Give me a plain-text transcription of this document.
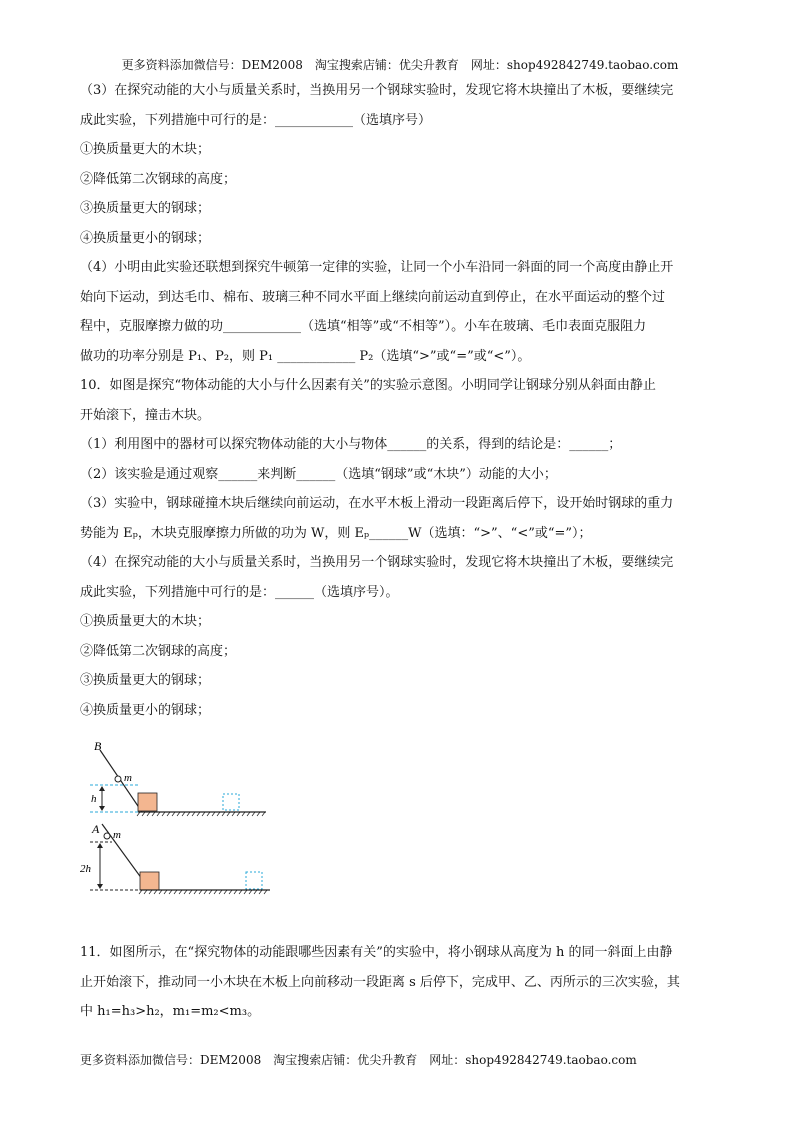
更多资料添加微信号：DEM2008　淘宝搜索店铺：优尖升教育　网址：shop492842749.taobao.com
（3）在探究动能的大小与质量关系时，当换用另一个钢球实验时，发现它将木块撞出了木板，要继续完
成此实验，下列措施中可行的是：____________（选填序号）
①换质量更大的木块；
②降低第二次钢球的高度；
③换质量更大的钢球；
④换质量更小的钢球；
（4）小明由此实验还联想到探究牛顿第一定律的实验，让同一个小车沿同一斜面的同一个高度由静止开
始向下运动，到达毛巾、棉布、玻璃三种不同水平面上继续向前运动直到停止，在水平面运动的整个过
程中，克服摩擦力做的功____________（选填“相等”或“不相等”）。小车在玻璃、毛巾表面克服阻力
做功的功率分别是 P₁、P₂，则 P₁ ____________ P₂（选填“>”或“=”或“<”）。
10．如图是探究“物体动能的大小与什么因素有关”的实验示意图。小明同学让钢球分别从斜面由静止
开始滚下，撞击木块。
（1）利用图中的器材可以探究物体动能的大小与物体______的关系，得到的结论是：______；
（2）该实验是通过观察______来判断______（选填“钢球”或“木块”）动能的大小；
（3）实验中，钢球碰撞木块后继续向前运动，在水平木板上滑动一段距离后停下，设开始时钢球的重力
势能为 Eₚ，木块克服摩擦力所做的功为 W，则 Eₚ______W（选填：“>”、“<”或“=”）；
（4）在探究动能的大小与质量关系时，当换用另一个钢球实验时，发现它将木块撞出了木板，要继续完
成此实验，下列措施中可行的是：______（选填序号）。
①换质量更大的木块；
②降低第二次钢球的高度；
③换质量更大的钢球；
④换质量更小的钢球；
B
m
h
A m
2h
11．如图所示，在“探究物体的动能跟哪些因素有关”的实验中，将小钢球从高度为 h 的同一斜面上由静
止开始滚下，推动同一小木块在木板上向前移动一段距离 s 后停下，完成甲、乙、丙所示的三次实验，其
中 h₁=h₃>h₂，m₁=m₂<m₃。
更多资料添加微信号：DEM2008　淘宝搜索店铺：优尖升教育　网址：shop492842749.taobao.com
